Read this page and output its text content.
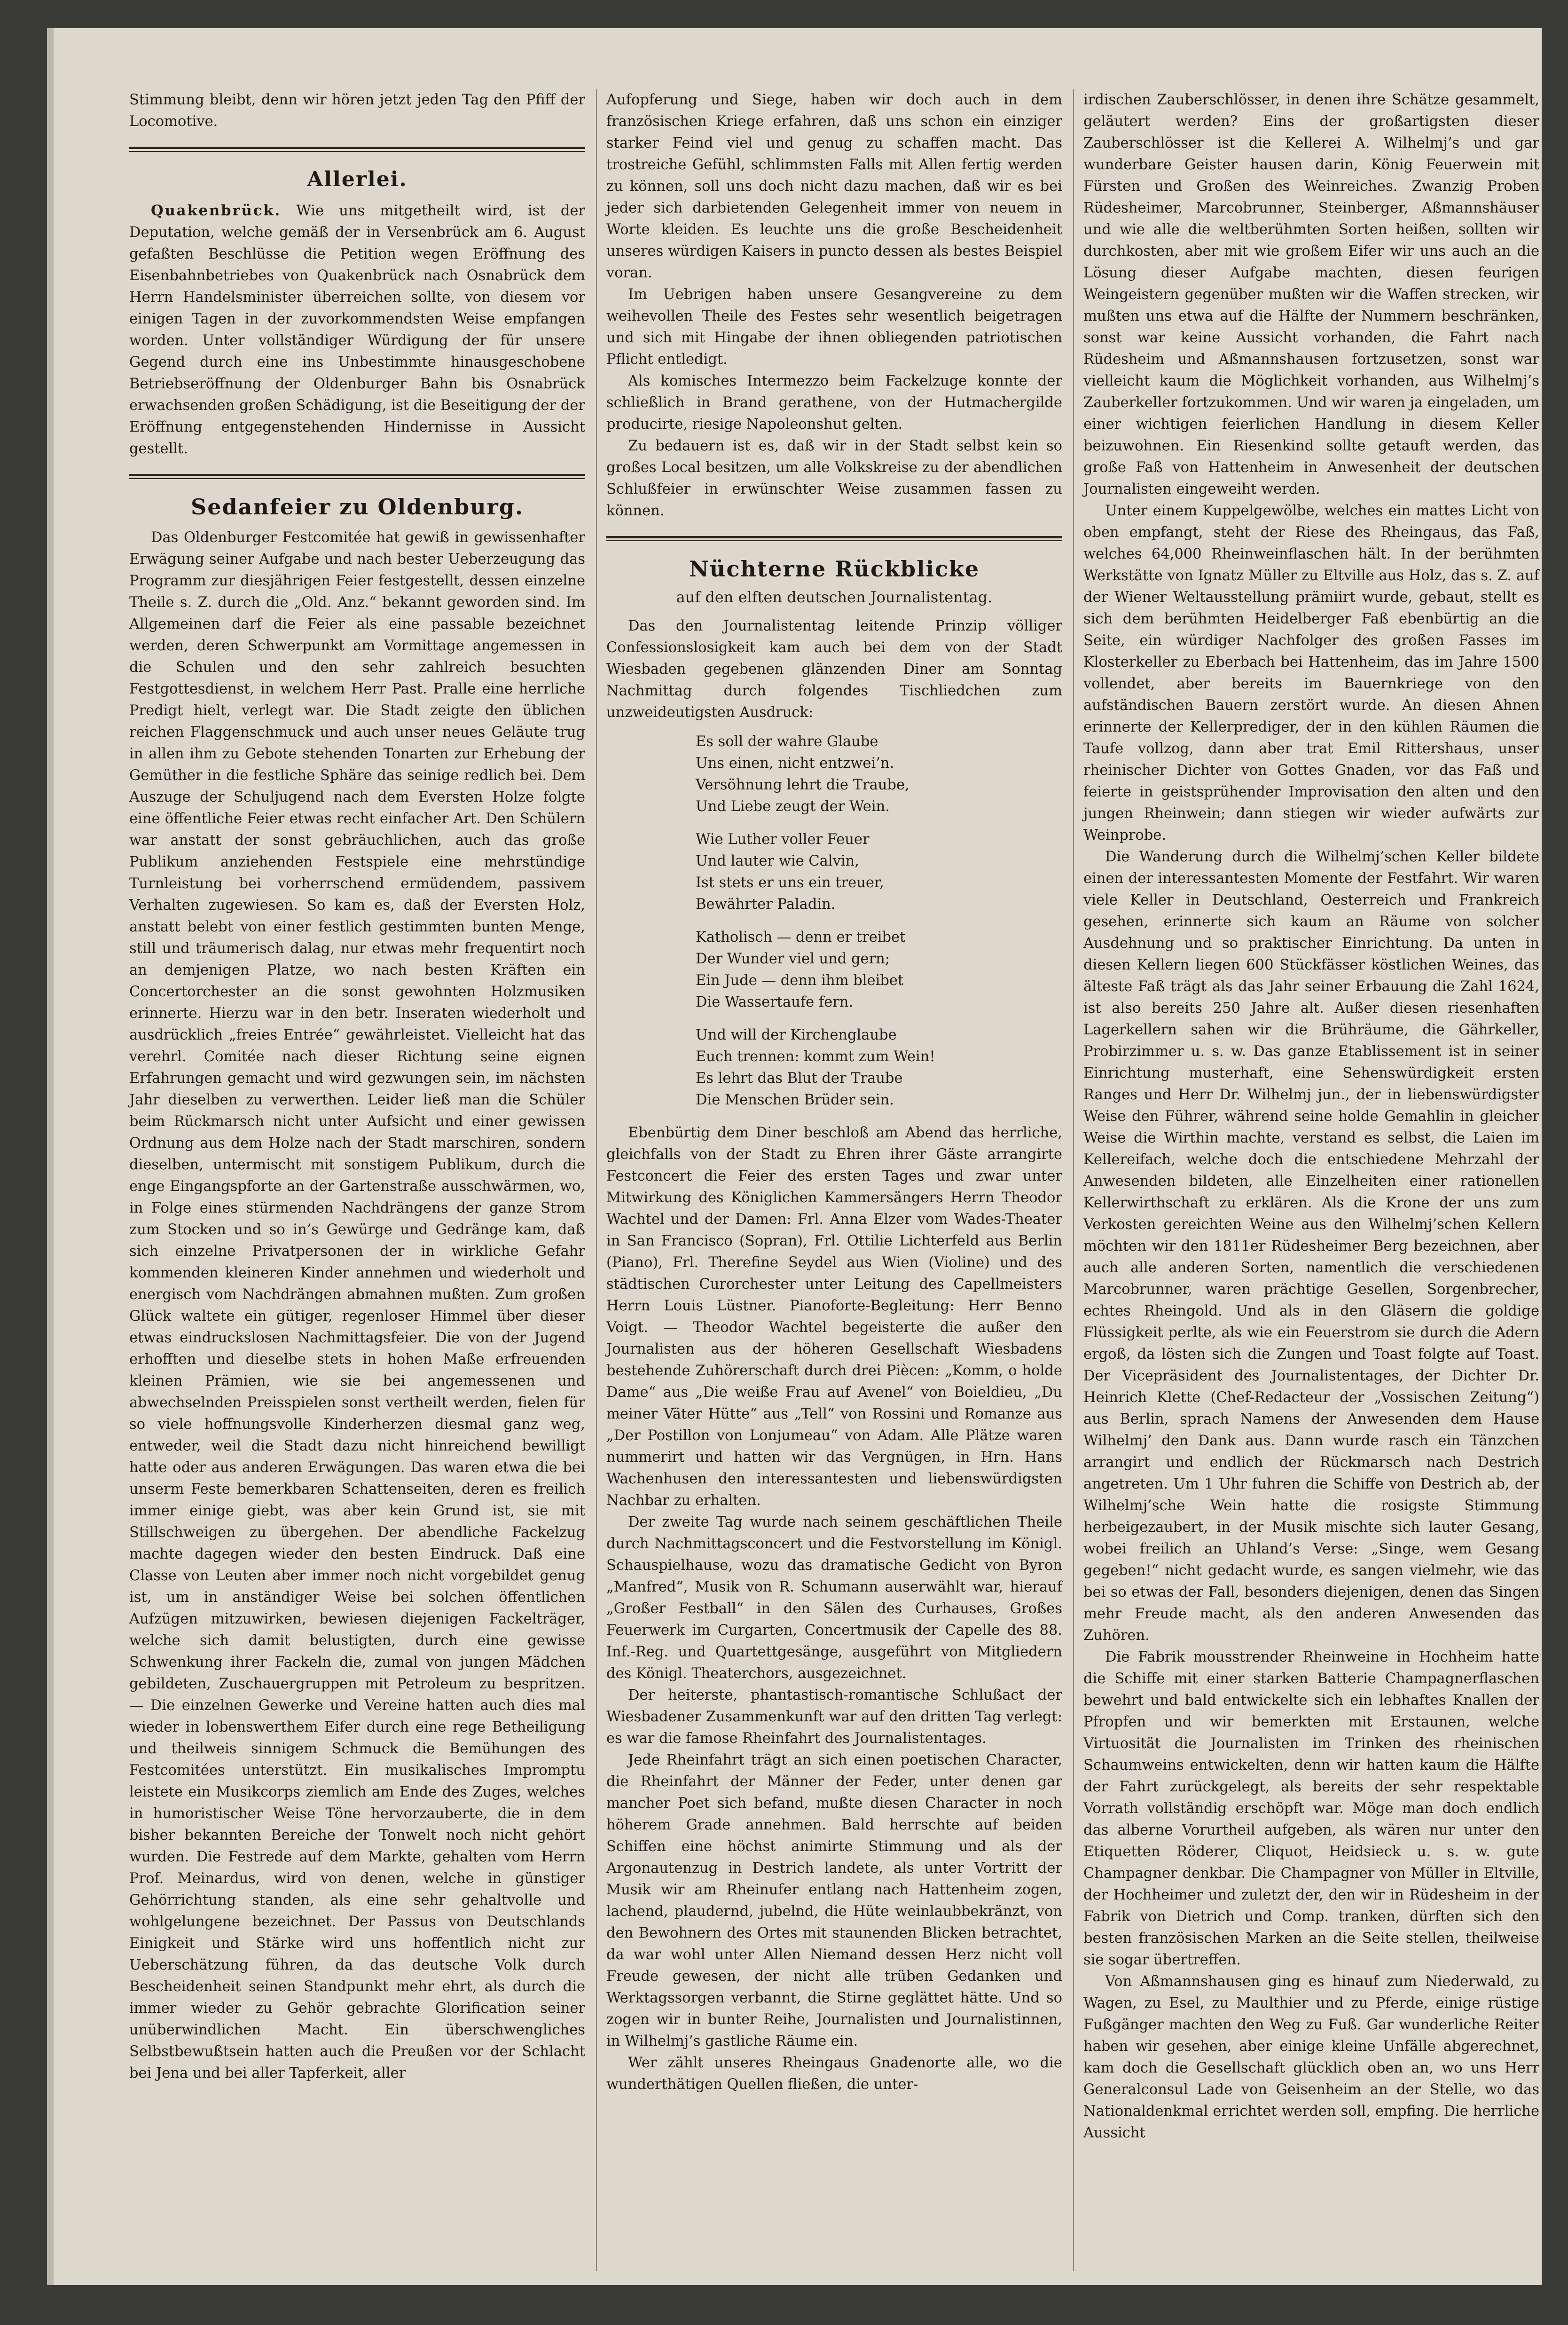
Stimmung bleibt, denn wir hören jetzt jeden Tag den Pfiff der Locomotive.

Allerlei.

Quakenbrück. Wie uns mitgetheilt wird, ist der Deputation, welche gemäß der in Versenbrück am 6. August gefaßten Beschlüsse die Petition wegen Eröffnung des Eisenbahnbetriebes von Quakenbrück nach Osnabrück dem Herrn Handelsminister überreichen sollte, von diesem vor einigen Tagen in der zuvorkommendsten Weise empfangen worden. Unter vollständiger Würdigung der für unsere Gegend durch eine ins Unbestimmte hinausgeschobene Betriebseröffnung der Oldenburger Bahn bis Osnabrück erwachsenden großen Schädigung, ist die Beseitigung der der Eröffnung entgegenstehenden Hindernisse in Aussicht gestellt.

Sedanfeier zu Oldenburg.

Das Oldenburger Festcomitée hat gewiß in gewissenhafter Erwägung seiner Aufgabe und nach bester Ueberzeugung das Programm zur diesjährigen Feier festgestellt, dessen einzelne Theile s. Z. durch die „Old. Anz.“ bekannt geworden sind. Im Allgemeinen darf die Feier als eine passable bezeichnet werden, deren Schwerpunkt am Vormittage angemessen in die Schulen und den sehr zahlreich besuchten Festgottesdienst, in welchem Herr Past. Pralle eine herrliche Predigt hielt, verlegt war. Die Stadt zeigte den üblichen reichen Flaggenschmuck und auch unser neues Geläute trug in allen ihm zu Gebote stehenden Tonarten zur Erhebung der Gemüther in die festliche Sphäre das seinige redlich bei. Dem Auszuge der Schuljugend nach dem Eversten Holze folgte eine öffentliche Feier etwas recht einfacher Art. Den Schülern war anstatt der sonst gebräuchlichen, auch das große Publikum anziehenden Festspiele eine mehrstündige Turnleistung bei vorherrschend ermüdendem, passivem Verhalten zugewiesen. So kam es, daß der Eversten Holz, anstatt belebt von einer festlich gestimmten bunten Menge, still und träumerisch dalag, nur etwas mehr frequentirt noch an demjenigen Platze, wo nach besten Kräften ein Concertorchester an die sonst gewohnten Holzmusiken erinnerte. Hierzu war in den betr. Inseraten wiederholt und ausdrücklich „freies Entrée“ gewährleistet. Vielleicht hat das verehrl. Comitée nach dieser Richtung seine eignen Erfahrungen gemacht und wird gezwungen sein, im nächsten Jahr dieselben zu verwerthen. Leider ließ man die Schüler beim Rückmarsch nicht unter Aufsicht und einer gewissen Ordnung aus dem Holze nach der Stadt marschiren, sondern dieselben, untermischt mit sonstigem Publikum, durch die enge Eingangspforte an der Gartenstraße ausschwärmen, wo, in Folge eines stürmenden Nachdrängens der ganze Strom zum Stocken und so in’s Gewürge und Gedränge kam, daß sich einzelne Privatpersonen der in wirkliche Gefahr kommenden kleineren Kinder annehmen und wiederholt und energisch vom Nachdrängen abmahnen mußten. Zum großen Glück waltete ein gütiger, regenloser Himmel über dieser etwas eindruckslosen Nachmittagsfeier. Die von der Jugend erhofften und dieselbe stets in hohen Maße erfreuenden kleinen Prämien, wie sie bei angemessenen und abwechselnden Preisspielen sonst vertheilt werden, fielen für so viele hoffnungsvolle Kinderherzen diesmal ganz weg, entweder, weil die Stadt dazu nicht hinreichend bewilligt hatte oder aus anderen Erwägungen. Das waren etwa die bei unserm Feste bemerkbaren Schattenseiten, deren es freilich immer einige giebt, was aber kein Grund ist, sie mit Stillschweigen zu übergehen. Der abendliche Fackelzug machte dagegen wieder den besten Eindruck. Daß eine Classe von Leuten aber immer noch nicht vorgebildet genug ist, um in anständiger Weise bei solchen öffentlichen Aufzügen mitzuwirken, bewiesen diejenigen Fackelträger, welche sich damit belustigten, durch eine gewisse Schwenkung ihrer Fackeln die, zumal von jungen Mädchen gebildeten, Zuschauergruppen mit Petroleum zu bespritzen. — Die einzelnen Gewerke und Vereine hatten auch dies mal wieder in lobenswerthem Eifer durch eine rege Betheiligung und theilweis sinnigem Schmuck die Bemühungen des Festcomitées unterstützt. Ein musikalisches Impromptu leistete ein Musikcorps ziemlich am Ende des Zuges, welches in humoristischer Weise Töne hervorzauberte, die in dem bisher bekannten Bereiche der Tonwelt noch nicht gehört wurden. Die Festrede auf dem Markte, gehalten vom Herrn Prof. Meinardus, wird von denen, welche in günstiger Gehörrichtung standen, als eine sehr gehaltvolle und wohlgelungene bezeichnet. Der Passus von Deutschlands Einigkeit und Stärke wird uns hoffentlich nicht zur Ueberschätzung führen, da das deutsche Volk durch Bescheidenheit seinen Standpunkt mehr ehrt, als durch die immer wieder zu Gehör gebrachte Glorification seiner unüberwindlichen Macht. Ein überschwengliches Selbstbewußtsein hatten auch die Preußen vor der Schlacht bei Jena und bei aller Tapferkeit, aller

Aufopferung und Siege, haben wir doch auch in dem französischen Kriege erfahren, daß uns schon ein einziger starker Feind viel und genug zu schaffen macht. Das trostreiche Gefühl, schlimmsten Falls mit Allen fertig werden zu können, soll uns doch nicht dazu machen, daß wir es bei jeder sich darbietenden Gelegenheit immer von neuem in Worte kleiden. Es leuchte uns die große Bescheidenheit unseres würdigen Kaisers in puncto dessen als bestes Beispiel voran.

Im Uebrigen haben unsere Gesangvereine zu dem weihevollen Theile des Festes sehr wesentlich beigetragen und sich mit Hingabe der ihnen obliegenden patriotischen Pflicht entledigt.

Als komisches Intermezzo beim Fackelzuge konnte der schließlich in Brand gerathene, von der Hutmachergilde producirte, riesige Napoleonshut gelten.

Zu bedauern ist es, daß wir in der Stadt selbst kein so großes Local besitzen, um alle Volkskreise zu der abendlichen Schlußfeier in erwünschter Weise zusammen fassen zu können.

Nüchterne Rückblicke
auf den elften deutschen Journalistentag.

Das den Journalistentag leitende Prinzip völliger Confessionslosigkeit kam auch bei dem von der Stadt Wiesbaden gegebenen glänzenden Diner am Sonntag Nachmittag durch folgendes Tischliedchen zum unzweideutigsten Ausdruck:

Es soll der wahre Glaube
Uns einen, nicht entzwei’n.
Versöhnung lehrt die Traube,
Und Liebe zeugt der Wein.
Wie Luther voller Feuer
Und lauter wie Calvin,
Ist stets er uns ein treuer,
Bewährter Paladin.
Katholisch — denn er treibet
Der Wunder viel und gern;
Ein Jude — denn ihm bleibet
Die Wassertaufe fern.
Und will der Kirchenglaube
Euch trennen: kommt zum Wein!
Es lehrt das Blut der Traube
Die Menschen Brüder sein.

Ebenbürtig dem Diner beschloß am Abend das herrliche, gleichfalls von der Stadt zu Ehren ihrer Gäste arrangirte Festconcert die Feier des ersten Tages und zwar unter Mitwirkung des Königlichen Kammersängers Herrn Theodor Wachtel und der Damen: Frl. Anna Elzer vom Wades-Theater in San Francisco (Sopran), Frl. Ottilie Lichterfeld aus Berlin (Piano), Frl. Therefine Seydel aus Wien (Violine) und des städtischen Curorchester unter Leitung des Capellmeisters Herrn Louis Lüstner. Pianoforte-Begleitung: Herr Benno Voigt. — Theodor Wachtel begeisterte die außer den Journalisten aus der höheren Gesellschaft Wiesbadens bestehende Zuhörerschaft durch drei Piècen: „Komm, o holde Dame“ aus „Die weiße Frau auf Avenel“ von Boieldieu, „Du meiner Väter Hütte“ aus „Tell“ von Rossini und Romanze aus „Der Postillon von Lonjumeau“ von Adam. Alle Plätze waren nummerirt und hatten wir das Vergnügen, in Hrn. Hans Wachenhusen den interessantesten und liebenswürdigsten Nachbar zu erhalten.

Der zweite Tag wurde nach seinem geschäftlichen Theile durch Nachmittagsconcert und die Festvorstellung im Königl. Schauspielhause, wozu das dramatische Gedicht von Byron „Manfred“, Musik von R. Schumann auserwählt war, hierauf „Großer Festball“ in den Sälen des Curhauses, Großes Feuerwerk im Curgarten, Concertmusik der Capelle des 88. Inf.-Reg. und Quartettgesänge, ausgeführt von Mitgliedern des Königl. Theaterchors, ausgezeichnet.

Der heiterste, phantastisch-romantische Schlußact der Wiesbadener Zusammenkunft war auf den dritten Tag verlegt: es war die famose Rheinfahrt des Journalistentages.

Jede Rheinfahrt trägt an sich einen poetischen Character, die Rheinfahrt der Männer der Feder, unter denen gar mancher Poet sich befand, mußte diesen Character in noch höherem Grade annehmen. Bald herrschte auf beiden Schiffen eine höchst animirte Stimmung und als der Argonautenzug in Destrich landete, als unter Vortritt der Musik wir am Rheinufer entlang nach Hattenheim zogen, lachend, plaudernd, jubelnd, die Hüte weinlaubbekränzt, von den Bewohnern des Ortes mit staunenden Blicken betrachtet, da war wohl unter Allen Niemand dessen Herz nicht voll Freude gewesen, der nicht alle trüben Gedanken und Werktagssorgen verbannt, die Stirne geglättet hätte. Und so zogen wir in bunter Reihe, Journalisten und Journalistinnen, in Wilhelmj’s gastliche Räume ein.

Wer zählt unseres Rheingaus Gnadenorte alle, wo die wunderthätigen Quellen fließen, die unter-

irdischen Zauberschlösser, in denen ihre Schätze gesammelt, geläutert werden? Eins der großartigsten dieser Zauberschlösser ist die Kellerei A. Wilhelmj’s und gar wunderbare Geister hausen darin, König Feuerwein mit Fürsten und Großen des Weinreiches. Zwanzig Proben Rüdesheimer, Marcobrunner, Steinberger, Aßmannshäuser und wie alle die weltberühmten Sorten heißen, sollten wir durchkosten, aber mit wie großem Eifer wir uns auch an die Lösung dieser Aufgabe machten, diesen feurigen Weingeistern gegenüber mußten wir die Waffen strecken, wir mußten uns etwa auf die Hälfte der Nummern beschränken, sonst war keine Aussicht vorhanden, die Fahrt nach Rüdesheim und Aßmannshausen fortzusetzen, sonst war vielleicht kaum die Möglichkeit vorhanden, aus Wilhelmj’s Zauberkeller fortzukommen. Und wir waren ja eingeladen, um einer wichtigen feierlichen Handlung in diesem Keller beizuwohnen. Ein Riesenkind sollte getauft werden, das große Faß von Hattenheim in Anwesenheit der deutschen Journalisten eingeweiht werden.

Unter einem Kuppelgewölbe, welches ein mattes Licht von oben empfangt, steht der Riese des Rheingaus, das Faß, welches 64,000 Rheinweinflaschen hält. In der berühmten Werkstätte von Ignatz Müller zu Eltville aus Holz, das s. Z. auf der Wiener Weltausstellung prämiirt wurde, gebaut, stellt es sich dem berühmten Heidelberger Faß ebenbürtig an die Seite, ein würdiger Nachfolger des großen Fasses im Klosterkeller zu Eberbach bei Hattenheim, das im Jahre 1500 vollendet, aber bereits im Bauernkriege von den aufständischen Bauern zerstört wurde. An diesen Ahnen erinnerte der Kellerprediger, der in den kühlen Räumen die Taufe vollzog, dann aber trat Emil Rittershaus, unser rheinischer Dichter von Gottes Gnaden, vor das Faß und feierte in geistsprühender Improvisation den alten und den jungen Rheinwein; dann stiegen wir wieder aufwärts zur Weinprobe.

Die Wanderung durch die Wilhelmj’schen Keller bildete einen der interessantesten Momente der Festfahrt. Wir waren viele Keller in Deutschland, Oesterreich und Frankreich gesehen, erinnerte sich kaum an Räume von solcher Ausdehnung und so praktischer Einrichtung. Da unten in diesen Kellern liegen 600 Stückfässer köstlichen Weines, das älteste Faß trägt als das Jahr seiner Erbauung die Zahl 1624, ist also bereits 250 Jahre alt. Außer diesen riesenhaften Lagerkellern sahen wir die Brühräume, die Gährkeller, Probirzimmer u. s. w. Das ganze Etablissement ist in seiner Einrichtung musterhaft, eine Sehenswürdigkeit ersten Ranges und Herr Dr. Wilhelmj jun., der in liebenswürdigster Weise den Führer, während seine holde Gemahlin in gleicher Weise die Wirthin machte, verstand es selbst, die Laien im Kellereifach, welche doch die entschiedene Mehrzahl der Anwesenden bildeten, alle Einzelheiten einer rationellen Kellerwirthschaft zu erklären. Als die Krone der uns zum Verkosten gereichten Weine aus den Wilhelmj’schen Kellern möchten wir den 1811er Rüdesheimer Berg bezeichnen, aber auch alle anderen Sorten, namentlich die verschiedenen Marcobrunner, waren prächtige Gesellen, Sorgenbrecher, echtes Rheingold. Und als in den Gläsern die goldige Flüssigkeit perlte, als wie ein Feuerstrom sie durch die Adern ergoß, da lösten sich die Zungen und Toast folgte auf Toast. Der Vicepräsident des Journalistentages, der Dichter Dr. Heinrich Klette (Chef-Redacteur der „Vossischen Zeitung“) aus Berlin, sprach Namens der Anwesenden dem Hause Wilhelmj’ den Dank aus. Dann wurde rasch ein Tänzchen arrangirt und endlich der Rückmarsch nach Destrich angetreten. Um 1 Uhr fuhren die Schiffe von Destrich ab, der Wilhelmj’sche Wein hatte die rosigste Stimmung herbeigezaubert, in der Musik mischte sich lauter Gesang, wobei freilich an Uhland’s Verse: „Singe, wem Gesang gegeben!“ nicht gedacht wurde, es sangen vielmehr, wie das bei so etwas der Fall, besonders diejenigen, denen das Singen mehr Freude macht, als den anderen Anwesenden das Zuhören.

Die Fabrik mousstrender Rheinweine in Hochheim hatte die Schiffe mit einer starken Batterie Champagnerflaschen bewehrt und bald entwickelte sich ein lebhaftes Knallen der Pfropfen und wir bemerkten mit Erstaunen, welche Virtuosität die Journalisten im Trinken des rheinischen Schaumweins entwickelten, denn wir hatten kaum die Hälfte der Fahrt zurückgelegt, als bereits der sehr respektable Vorrath vollständig erschöpft war. Möge man doch endlich das alberne Vorurtheil aufgeben, als wären nur unter den Etiquetten Röderer, Cliquot, Heidsieck u. s. w. gute Champagner denkbar. Die Champagner von Müller in Eltville, der Hochheimer und zuletzt der, den wir in Rüdesheim in der Fabrik von Dietrich und Comp. tranken, dürften sich den besten französischen Marken an die Seite stellen, theilweise sie sogar übertreffen.

Von Aßmannshausen ging es hinauf zum Niederwald, zu Wagen, zu Esel, zu Maulthier und zu Pferde, einige rüstige Fußgänger machten den Weg zu Fuß. Gar wunderliche Reiter haben wir gesehen, aber einige kleine Unfälle abgerechnet, kam doch die Gesellschaft glücklich oben an, wo uns Herr Generalconsul Lade von Geisenheim an der Stelle, wo das Nationaldenkmal errichtet werden soll, empfing. Die herrliche Aussicht
